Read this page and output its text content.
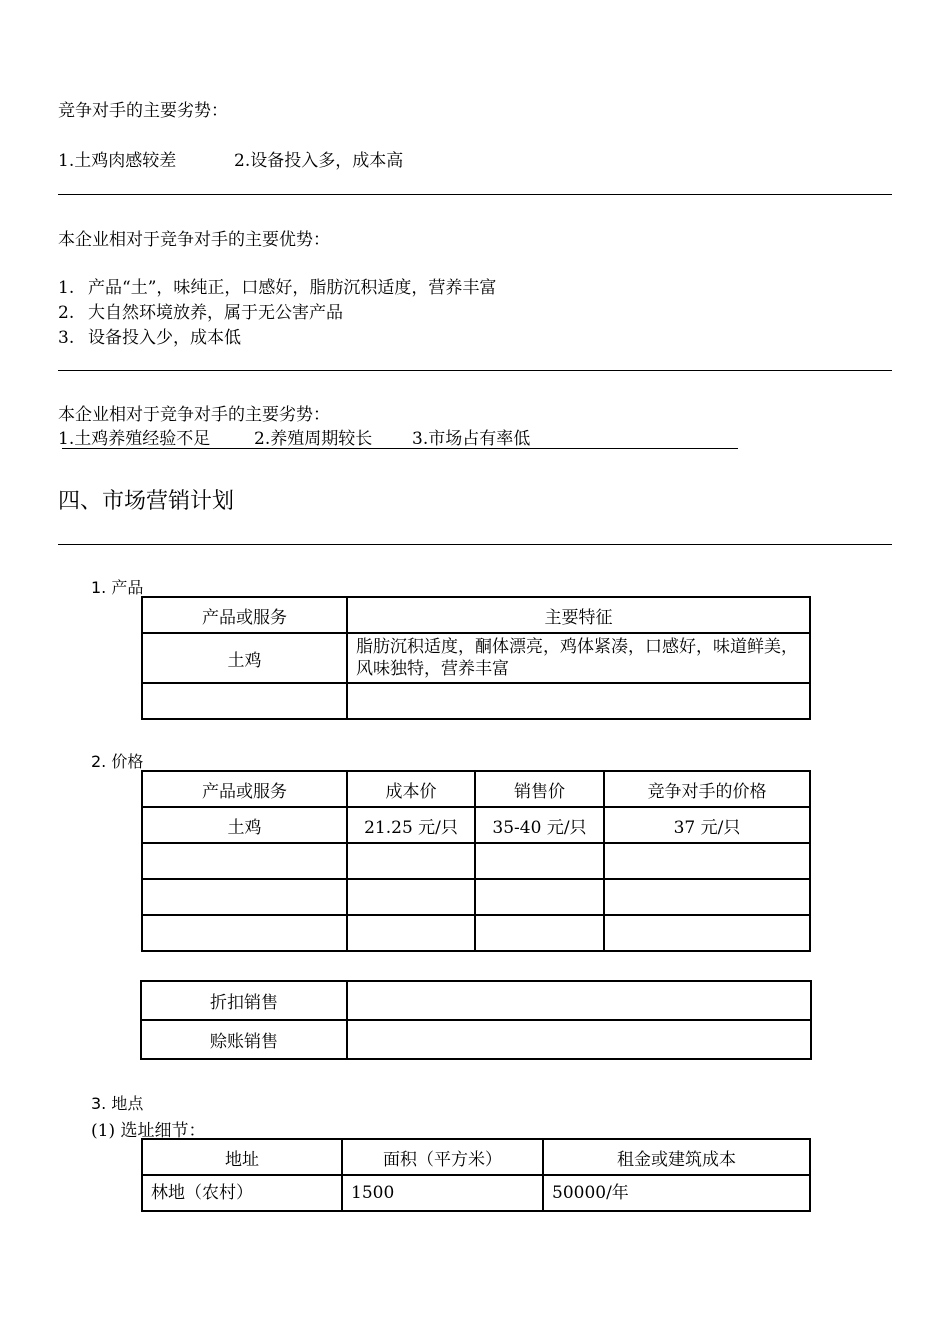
竞争对手的主要劣势：
1.土鸡肉感较差	2.设备投入多，成本高
本企业相对于竞争对手的主要优势：
1. 产品“土”，味纯正，口感好，脂肪沉积适度，营养丰富
2. 大自然环境放养，属于无公害产品
3. 设备投入少，成本低
本企业相对于竞争对手的主要劣势：
1.土鸡养殖经验不足	2.养殖周期较长 3.市场占有率低
四、市场营销计划
1. 产品
产品或服务	主要特征
土鸡	脂肪沉积适度，酮体漂亮，鸡体紧凑，口感好，味道鲜美，风味独特，营养丰富

2. 价格
产品或服务	成本价	销售价	竞争对手的价格
土鸡	21.25 元/只	35-40 元/只	37 元/只

折扣销售	
赊账销售	
3. 地点
(1) 选址细节：
地址	面积（平方米）	租金或建筑成本
林地（农村）	1500	50000/年
